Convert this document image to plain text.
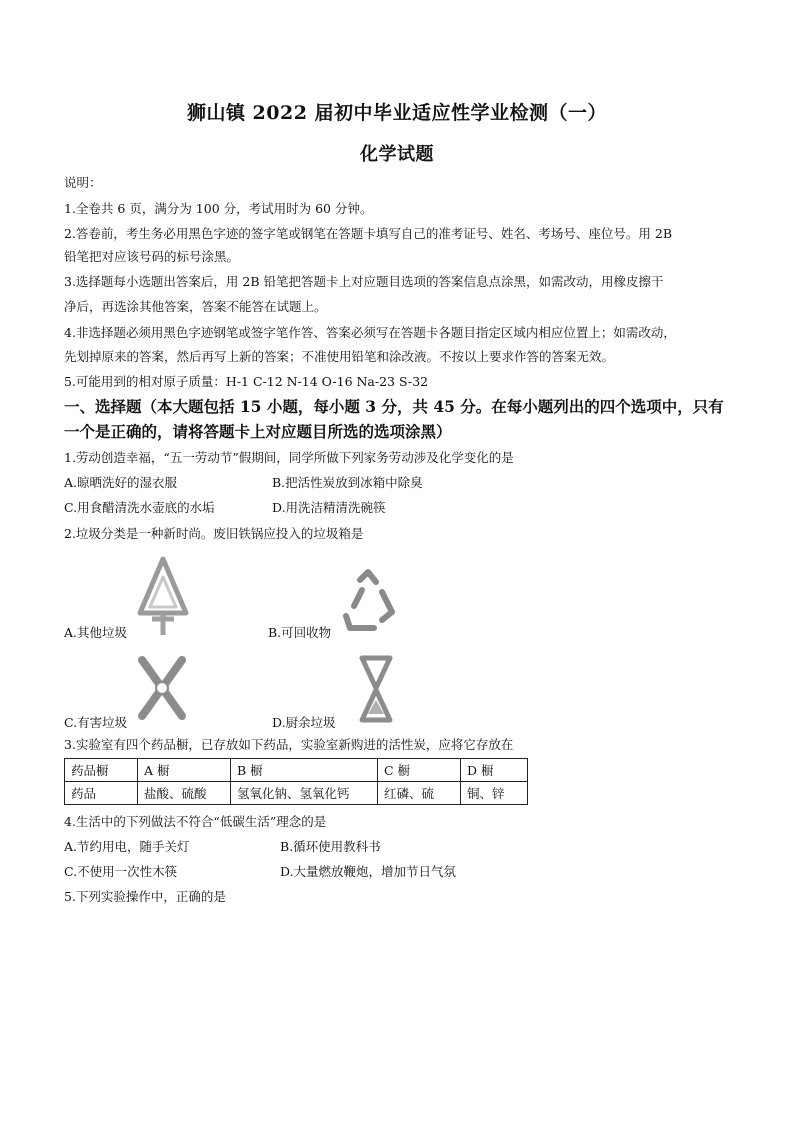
狮山镇 2022 届初中毕业适应性学业检测（一）
化学试题
说明：
1.全卷共 6 页，满分为 100 分，考试用时为 60 分钟。
2.答卷前，考生务必用黑色字迹的签字笔或钢笔在答题卡填写自己的准考证号、姓名、考场号、座位号。用 2B
铅笔把对应该号码的标号涂黑。
3.选择题每小选题出答案后，用 2B 铅笔把答题卡上对应题目选项的答案信息点涂黑，如需改动，用橡皮擦干
净后，再选涂其他答案，答案不能答在试题上。
4.非选择题必须用黑色字迹钢笔或签字笔作答、答案必须写在答题卡各题目指定区域内相应位置上；如需改动，
先划掉原来的答案，然后再写上新的答案；不准使用铅笔和涂改液。不按以上要求作答的答案无效。
5.可能用到的相对原子质量：H-1 C-12 N-14 O-16 Na-23 S-32
一、选择题（本大题包括 15 小题，每小题 3 分，共 45 分。在每小题列出的四个选项中，只有
一个是正确的，请将答题卡上对应题目所选的选项涂黑）
1.劳动创造幸福，“五一劳动节”假期间，同学所做下列家务劳动涉及化学变化的是
A.晾晒洗好的湿衣服	B.把活性炭放到冰箱中除臭
C.用食醋清洗水壶底的水垢	D.用洗洁精清洗碗筷
2.垃圾分类是一种新时尚。废旧铁锅应投入的垃圾箱是
A.其他垃圾	B.可回收物
C.有害垃圾	D.厨余垃圾
3.实验室有四个药品橱，已存放如下药品，实验室新购进的活性炭，应将它存放在
药品橱	A 橱	B 橱	C 橱	D 橱
药品	盐酸、硫酸	氢氧化钠、氢氧化钙	红磷、硫	铜、锌
4.生活中的下列做法不符合“低碳生活”理念的是
A.节约用电，随手关灯	B.循环使用教科书
C.不使用一次性木筷	D.大量燃放鞭炮，增加节日气氛
5.下列实验操作中，正确的是
